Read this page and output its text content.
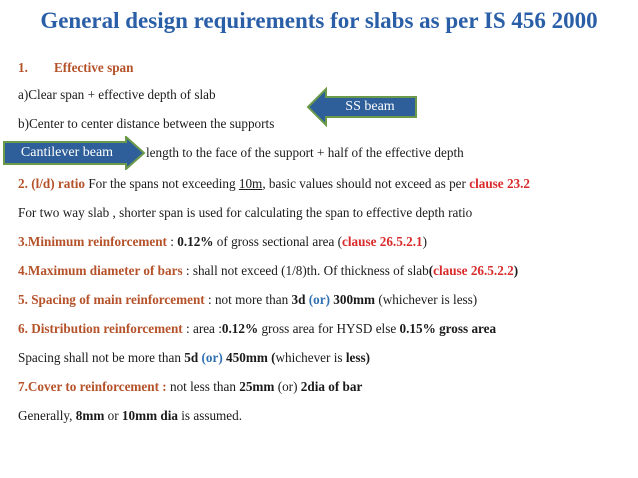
General design requirements for slabs as per IS 456 2000
1. Effective span
a)Clear span + effective depth of slab
b)Center to center distance between the supports
SS beam
Cantilever beam	length to the face of the support + half of the effective depth
2. (l/d) ratio For the spans not exceeding 10m, basic values should not exceed as per clause 23.2
For two way slab , shorter span is used for calculating the span to effective depth ratio
3.Minimum reinforcement : 0.12% of gross sectional area (clause 26.5.2.1)
4.Maximum diameter of bars : shall not exceed (1/8)th. Of thickness of slab(clause 26.5.2.2)
5. Spacing of main reinforcement : not more than 3d (or) 300mm (whichever is less)
6. Distribution reinforcement : area :0.12% gross area for HYSD else 0.15% gross area
Spacing shall not be more than 5d (or) 450mm (whichever is less)
7.Cover to reinforcement : not less than 25mm (or) 2dia of bar
Generally, 8mm or 10mm dia is assumed.
